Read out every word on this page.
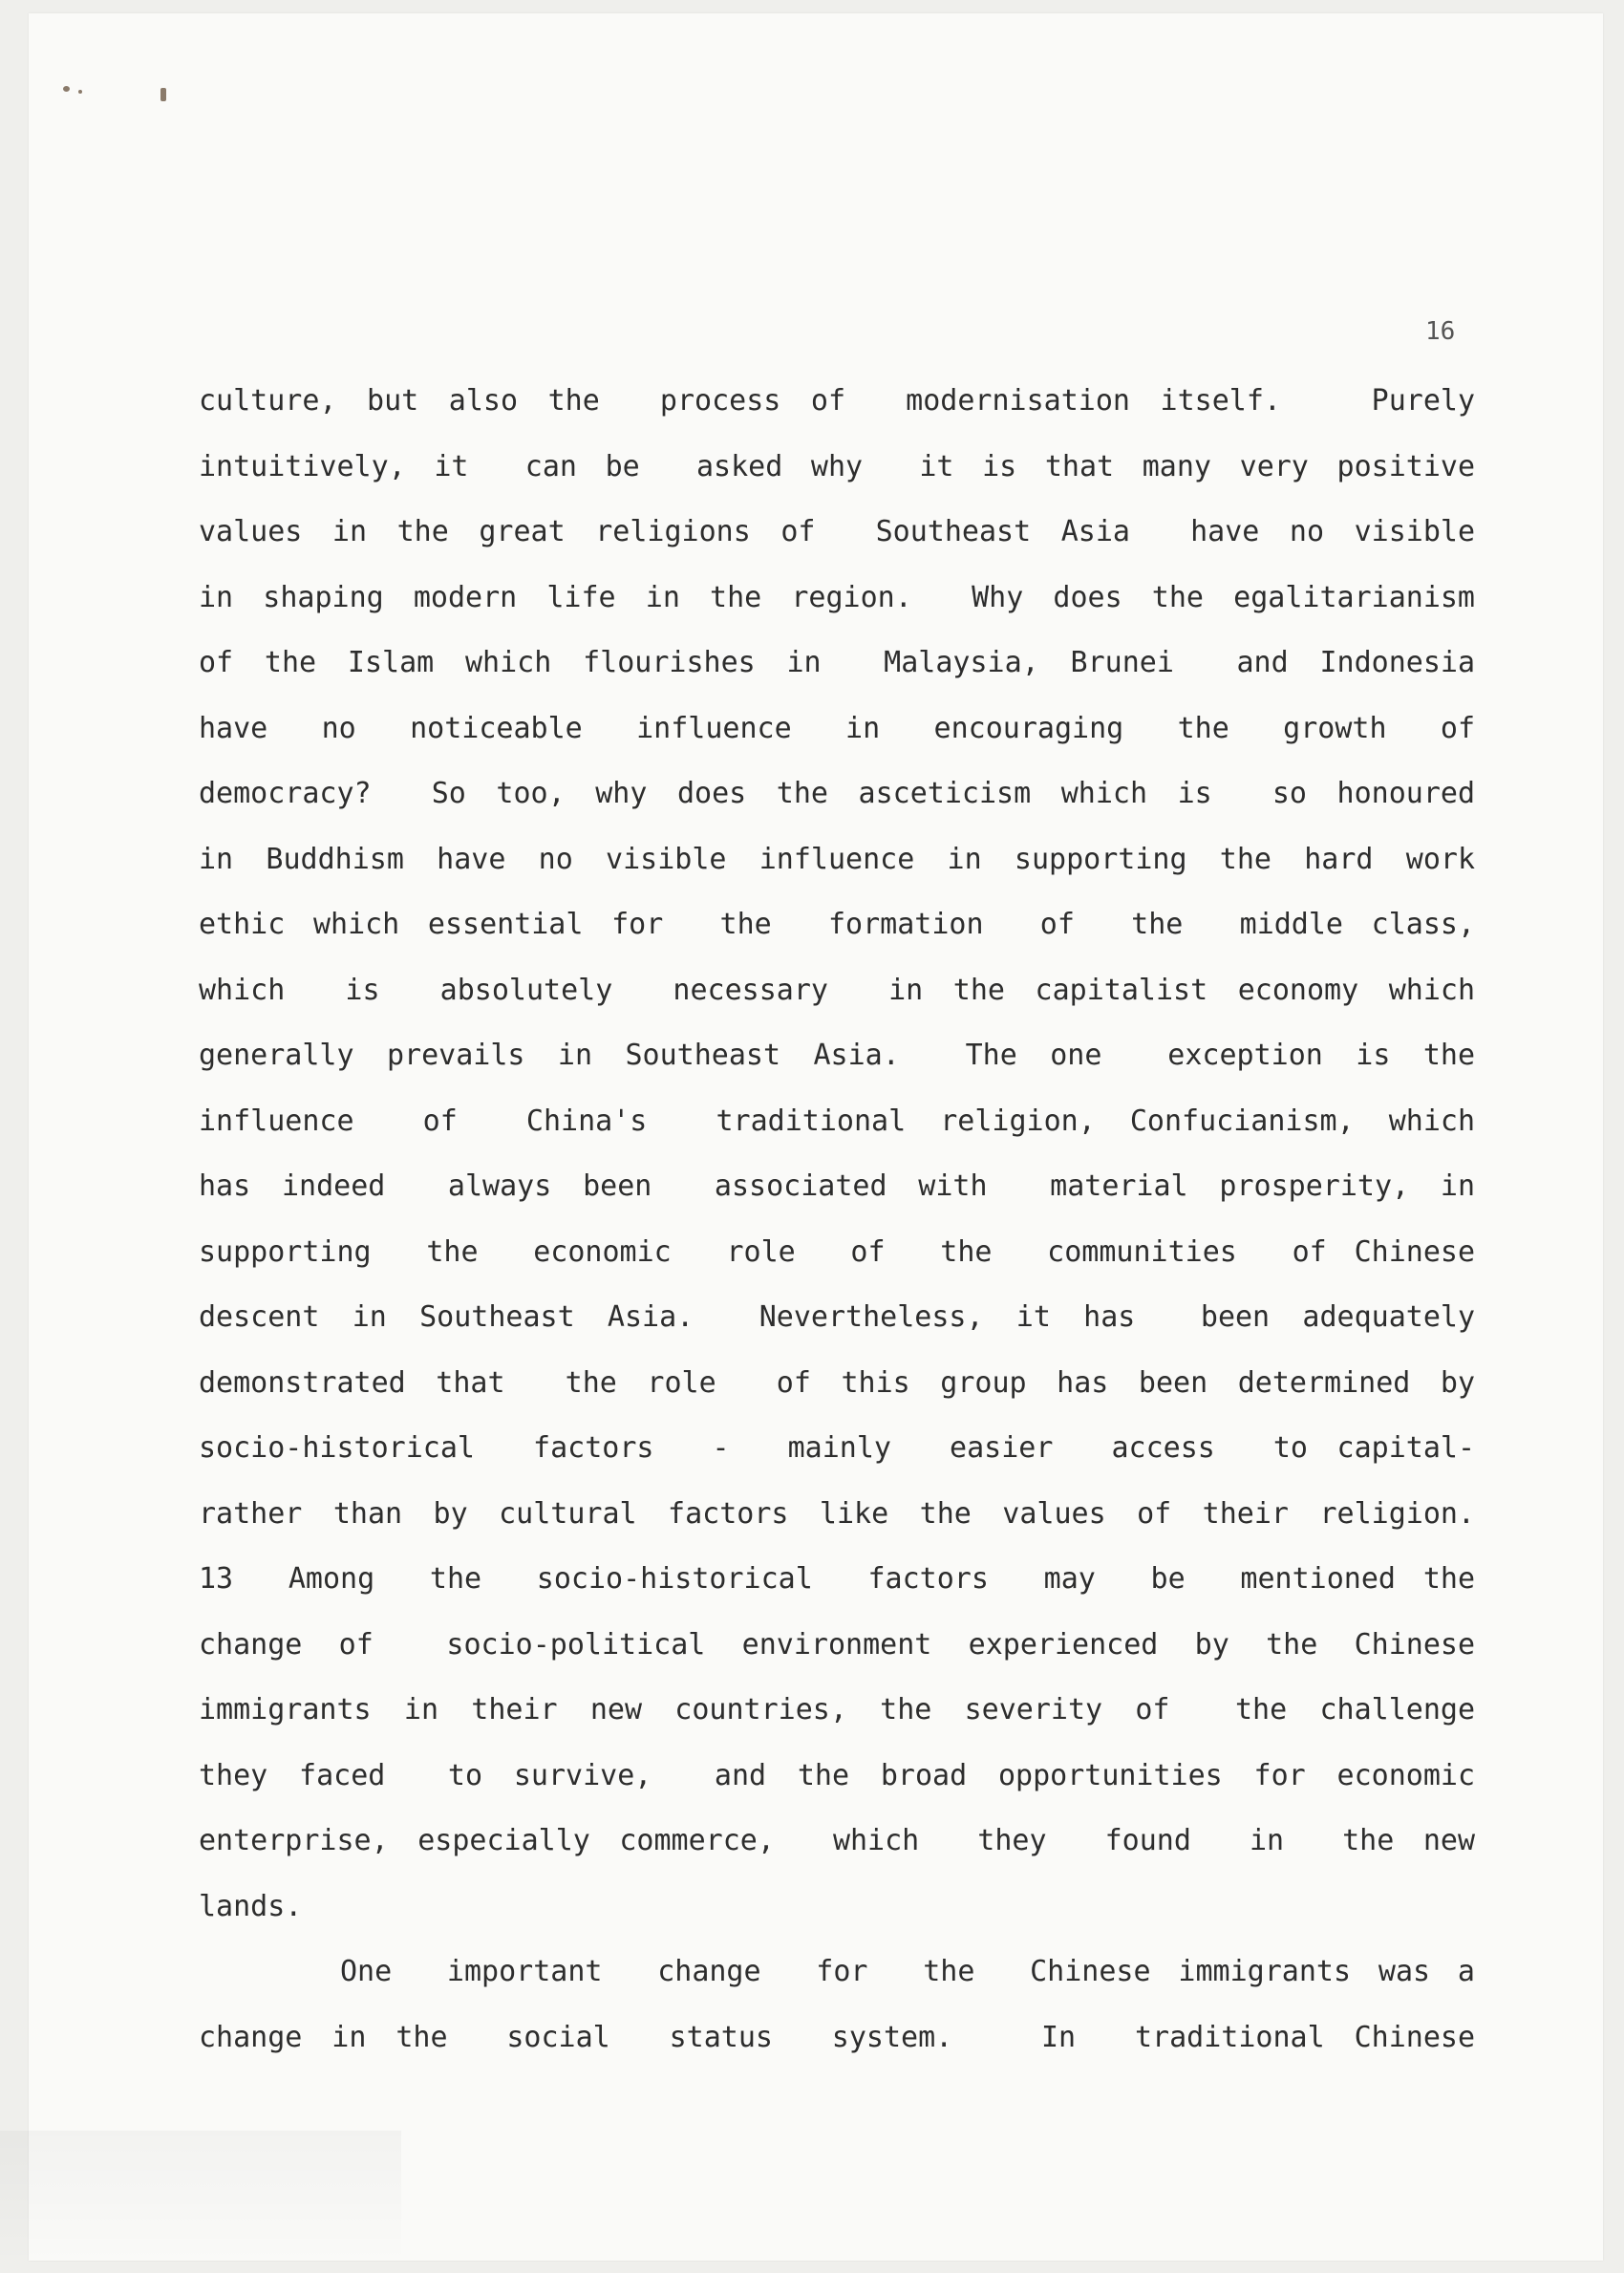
16

culture, but also the  process of  modernisation itself.   Purely

intuitively, it  can be  asked why  it is that many very positive

values in the great religions of  Southeast Asia  have no visible

in shaping modern life in the region.  Why does the egalitarianism

of the Islam which flourishes in  Malaysia, Brunei  and Indonesia

have  no  noticeable  influence  in  encouraging  the  growth  of

democracy?  So too, why does the asceticism which is  so honoured

in Buddhism have no visible influence in supporting the hard work

ethic which essential for  the  formation  of  the  middle class,

which  is  absolutely  necessary  in the capitalist economy which

generally prevails in Southeast Asia.  The one  exception is the

influence  of  China's  traditional religion, Confucianism, which

has indeed  always been  associated with  material prosperity, in

supporting  the  economic  role  of  the  communities  of Chinese

descent in Southeast Asia.  Nevertheless, it has  been adequately

demonstrated that  the role  of this group has been determined by

socio-historical  factors  -  mainly  easier  access  to capital-

rather than by cultural factors like the values of their religion.

13  Among  the  socio-historical  factors  may  be  mentioned the

change of  socio-political environment experienced by the Chinese

immigrants in their new countries, the severity of  the challenge

they faced  to survive,  and the broad opportunities for economic

enterprise, especially commerce,  which  they  found  in  the new

lands.

One  important  change  for  the  Chinese immigrants was a

change in the  social  status  system.   In  traditional Chinese
